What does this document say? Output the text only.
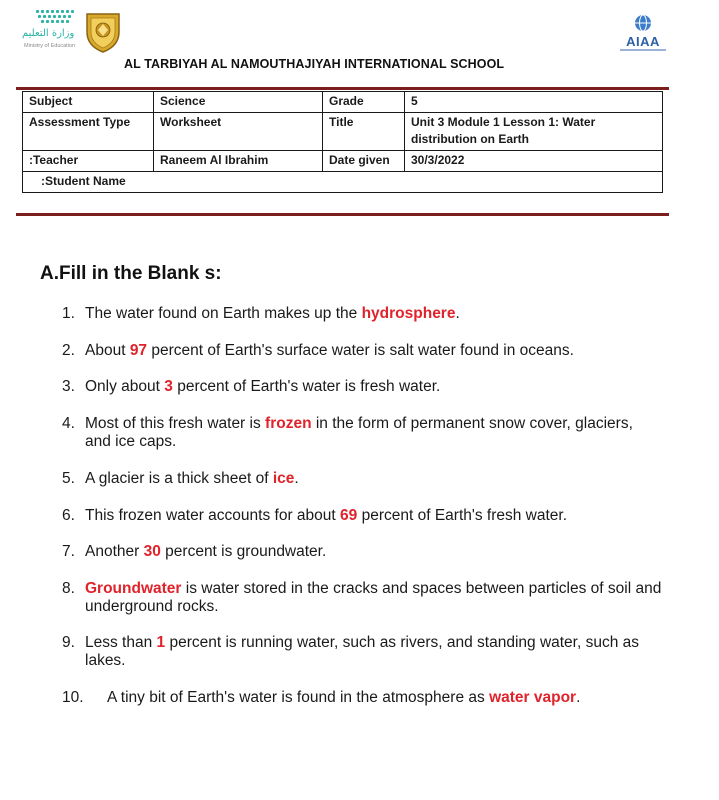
وزارة التعليم
Ministry of Education	AIAA
AL TARBIYAH AL NAMOUTHAJIYAH INTERNATIONAL SCHOOL
Subject	Science	Grade	5
Assessment Type	Worksheet	Title	Unit 3 Module 1 Lesson 1: Water distribution on Earth
:Teacher	Raneem Al Ibrahim	Date given	30/3/2022
:Student Name			
A.Fill in the Blank s:
1. The water found on Earth makes up the hydrosphere.
2. About 97 percent of Earth's surface water is salt water found in oceans.
3. Only about 3 percent of Earth's water is fresh water.
4. Most of this fresh water is frozen in the form of permanent snow cover, glaciers, and ice caps.
5. A glacier is a thick sheet of ice.
6. This frozen water accounts for about 69 percent of Earth's fresh water.
7. Another 30 percent is groundwater.
8. Groundwater is water stored in the cracks and spaces between particles of soil and underground rocks.
9. Less than 1 percent is running water, such as rivers, and standing water, such as lakes.
10. A tiny bit of Earth's water is found in the atmosphere as water vapor.
